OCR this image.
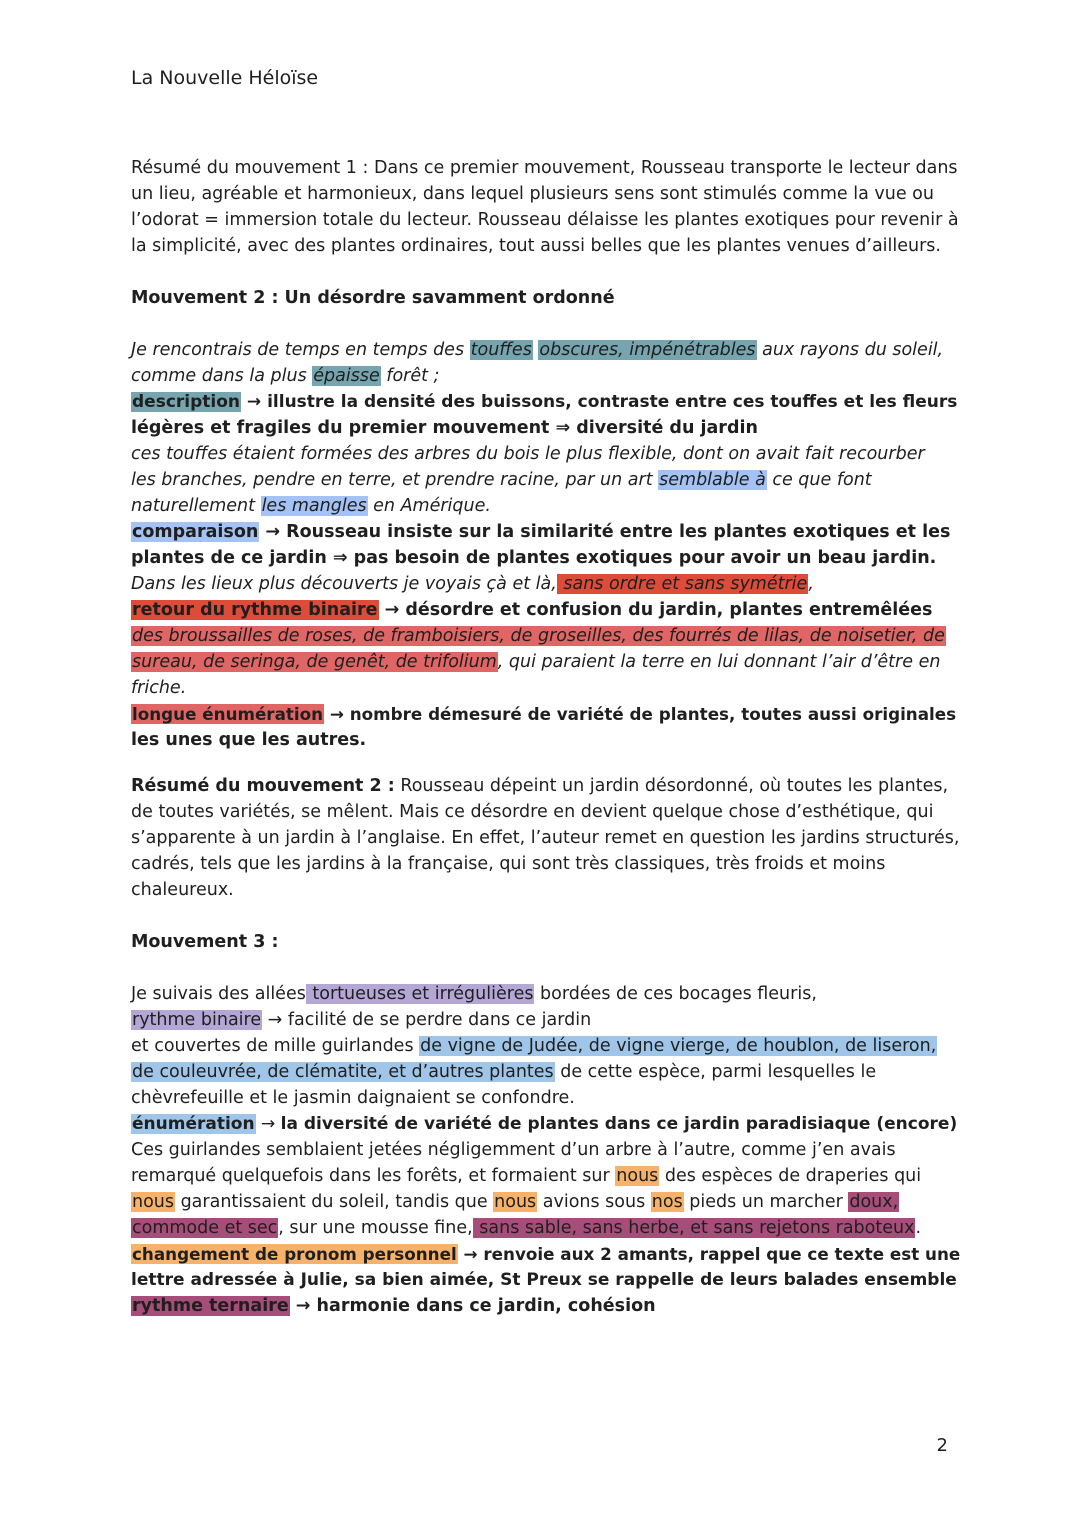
La Nouvelle Héloïse
Résumé du mouvement 1 : Dans ce premier mouvement, Rousseau transporte le lecteur dans
un lieu, agréable et harmonieux, dans lequel plusieurs sens sont stimulés comme la vue ou
l’odorat = immersion totale du lecteur. Rousseau délaisse les plantes exotiques pour revenir à
la simplicité, avec des plantes ordinaires, tout aussi belles que les plantes venues d’ailleurs.
Mouvement 2 : Un désordre savamment ordonné
Je rencontrais de temps en temps des touffes obscures, impénétrables aux rayons du soleil,
comme dans la plus épaisse forêt ;
description → illustre la densité des buissons, contraste entre ces touffes et les fleurs
légères et fragiles du premier mouvement ⇒ diversité du jardin
ces touffes étaient formées des arbres du bois le plus flexible, dont on avait fait recourber
les branches, pendre en terre, et prendre racine, par un art semblable à ce que font
naturellement les mangles en Amérique.
comparaison → Rousseau insiste sur la similarité entre les plantes exotiques et les
plantes de ce jardin ⇒ pas besoin de plantes exotiques pour avoir un beau jardin.
Dans les lieux plus découverts je voyais çà et là, sans ordre et sans symétrie,
retour du rythme binaire → désordre et confusion du jardin, plantes entremêlées
des broussailles de roses, de framboisiers, de groseilles, des fourrés de lilas, de noisetier, de
sureau, de seringa, de genêt, de trifolium, qui paraient la terre en lui donnant l’air d’être en
friche.
longue énumération → nombre démesuré de variété de plantes, toutes aussi originales
les unes que les autres.
Résumé du mouvement 2 : Rousseau dépeint un jardin désordonné, où toutes les plantes,
de toutes variétés, se mêlent. Mais ce désordre en devient quelque chose d’esthétique, qui
s’apparente à un jardin à l’anglaise. En effet, l’auteur remet en question les jardins structurés,
cadrés, tels que les jardins à la française, qui sont très classiques, très froids et moins
chaleureux.
Mouvement 3 :
Je suivais des allées tortueuses et irrégulières bordées de ces bocages fleuris,
rythme binaire → facilité de se perdre dans ce jardin
et couvertes de mille guirlandes de vigne de Judée, de vigne vierge, de houblon, de liseron,
de couleuvrée, de clématite, et d’autres plantes de cette espèce, parmi lesquelles le
chèvrefeuille et le jasmin daignaient se confondre.
énumération → la diversité de variété de plantes dans ce jardin paradisiaque (encore)
Ces guirlandes semblaient jetées négligemment d’un arbre à l’autre, comme j’en avais
remarqué quelquefois dans les forêts, et formaient sur nous des espèces de draperies qui
nous garantissaient du soleil, tandis que nous avions sous nos pieds un marcher doux,
commode et sec, sur une mousse fine, sans sable, sans herbe, et sans rejetons raboteux.
changement de pronom personnel → renvoie aux 2 amants, rappel que ce texte est une
lettre adressée à Julie, sa bien aimée, St Preux se rappelle de leurs balades ensemble
rythme ternaire → harmonie dans ce jardin, cohésion
2
